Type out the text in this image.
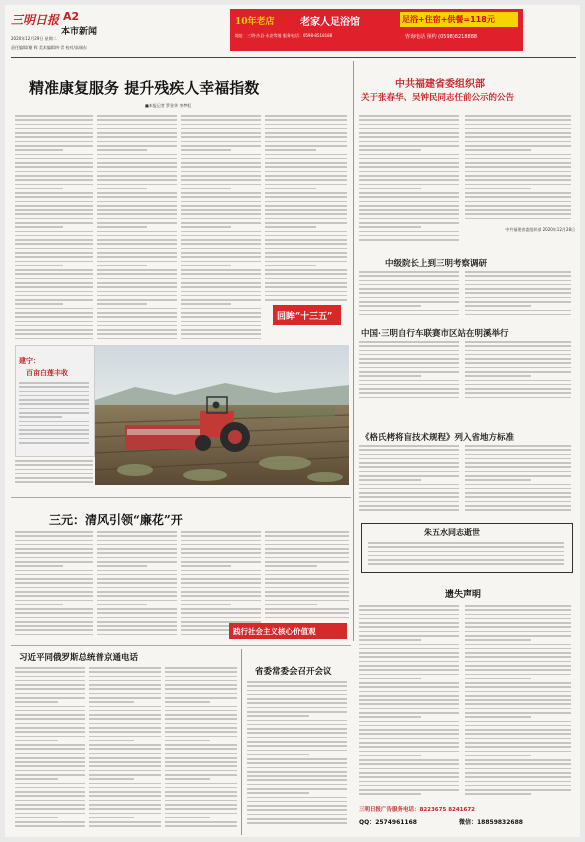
三明日报 A2
本市新闻
2020年12月29日 星期二
责任编辑/谢 辉 美术编辑/叶青 校对/高瑞东
10年老店	老家人足浴馆	足浴+住宿+供餐=118元
地址：三明·沙县·永安等地 服务电话：0598-8518188	咨询电话 预约 (0598)8218888
精准康复服务 提升残疾人幸福指数
■本报记者 罗金华 李梦虹
回眸“十三五”
建宁：
百亩白莲丰收
中共福建省委组织部
关于张春华、吴钟民同志任前公示的公告
中共福建省委组织部 2020年12月28日
中级院长上到三明考察调研
中国·三明自行车联赛市区站在明溪举行
《格氏栲将盲技术规程》列入省地方标准
朱五水同志逝世
遗失声明
三明日报广告服务电话：8223675 8241672
QQ：2574961168	微信：18859832688
三元：清风引领“廉花”开
践行社会主义核心价值观
习近平同俄罗斯总统普京通电话
省委常委会召开会议
